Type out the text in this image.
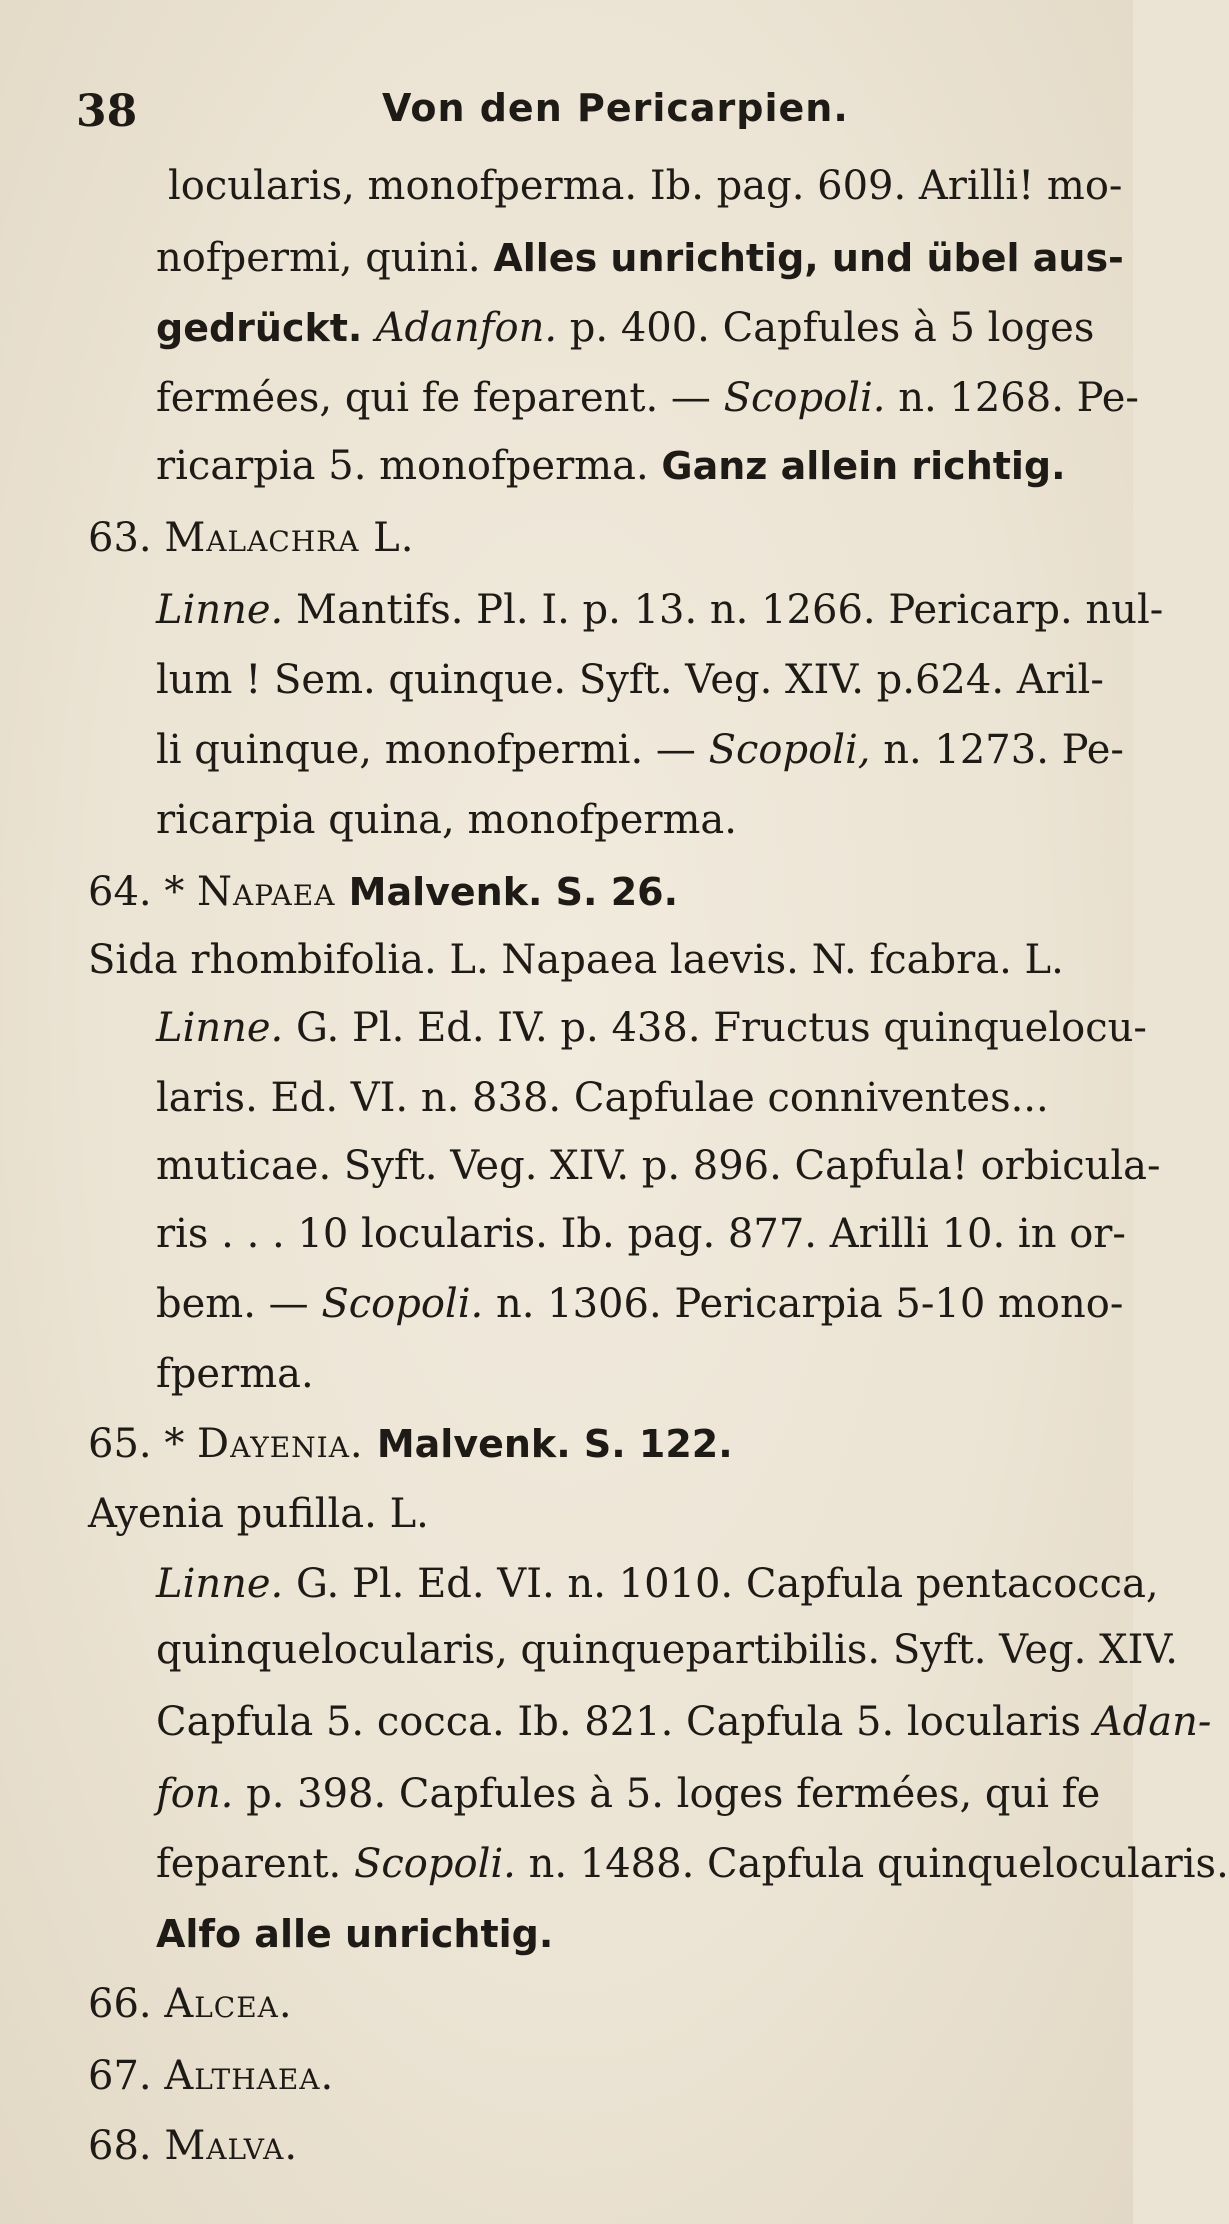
38	Von den Pericarpien.
locularis, monofperma. Ib. pag. 609. Arilli! mo-
nofpermi, quini. Alles unrichtig, und übel aus-
gedrückt. Adanfon. p. 400. Capfules à 5 loges
fermées, qui fe feparent. — Scopoli. n. 1268. Pe-
ricarpia 5. monofperma. Ganz allein richtig.
63. Malachra L.
Linne. Mantifs. Pl. I. p. 13. n. 1266. Pericarp. nul-
lum ! Sem. quinque. Syft. Veg. XIV. p.624. Aril-
li quinque, monofpermi. — Scopoli, n. 1273. Pe-
ricarpia quina, monofperma.
64. * Napaea Malvenk. S. 26.
Sida rhombifolia. L. Napaea laevis. N. fcabra. L.
Linne. G. Pl. Ed. IV. p. 438. Fructus quinquelocu-
laris. Ed. VI. n. 838. Capfulae conniventes...
muticae. Syft. Veg. XIV. p. 896. Capfula! orbicula-
ris . . . 10 locularis. Ib. pag. 877. Arilli 10. in or-
bem. — Scopoli. n. 1306. Pericarpia 5-10 mono-
fperma.
65. * Dayenia. Malvenk. S. 122.
Ayenia pufilla. L.
Linne. G. Pl. Ed. VI. n. 1010. Capfula pentacocca,
quinquelocularis, quinquepartibilis. Syft. Veg. XIV.
Capfula 5. cocca. Ib. 821. Capfula 5. locularis Adan-
fon. p. 398. Capfules à 5. loges fermées, qui fe
feparent. Scopoli. n. 1488. Capfula quinquelocularis.
Alfo alle unrichtig.
66. Alcea.
67. Althaea.
68. Malva.
